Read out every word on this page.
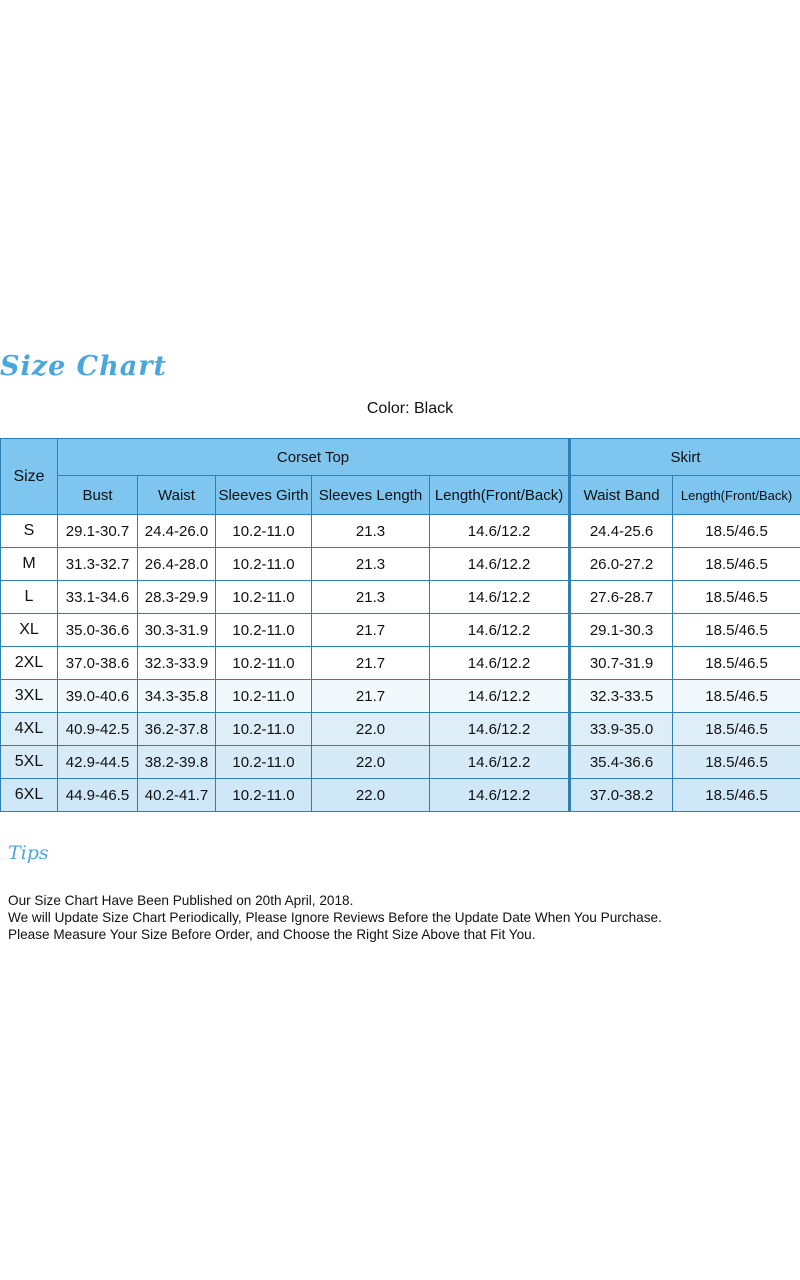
Size Chart
Color: Black
Size	Corset Top					Skirt	
	Bust	Waist	Sleeves Girth	Sleeves Length	Length(Front/Back)	Waist Band	Length(Front/Back)
S	29.1-30.7	24.4-26.0	10.2-11.0	21.3	14.6/12.2	24.4-25.6	18.5/46.5
M	31.3-32.7	26.4-28.0	10.2-11.0	21.3	14.6/12.2	26.0-27.2	18.5/46.5
L	33.1-34.6	28.3-29.9	10.2-11.0	21.3	14.6/12.2	27.6-28.7	18.5/46.5
XL	35.0-36.6	30.3-31.9	10.2-11.0	21.7	14.6/12.2	29.1-30.3	18.5/46.5
2XL	37.0-38.6	32.3-33.9	10.2-11.0	21.7	14.6/12.2	30.7-31.9	18.5/46.5
3XL	39.0-40.6	34.3-35.8	10.2-11.0	21.7	14.6/12.2	32.3-33.5	18.5/46.5
4XL	40.9-42.5	36.2-37.8	10.2-11.0	22.0	14.6/12.2	33.9-35.0	18.5/46.5
5XL	42.9-44.5	38.2-39.8	10.2-11.0	22.0	14.6/12.2	35.4-36.6	18.5/46.5
6XL	44.9-46.5	40.2-41.7	10.2-11.0	22.0	14.6/12.2	37.0-38.2	18.5/46.5
Tips

Our Size Chart Have Been Published on 20th April, 2018.

We will Update Size Chart Periodically, Please Ignore Reviews Before the Update Date When You Purchase.

Please Measure Your Size Before Order, and Choose the Right Size Above that Fit You.
